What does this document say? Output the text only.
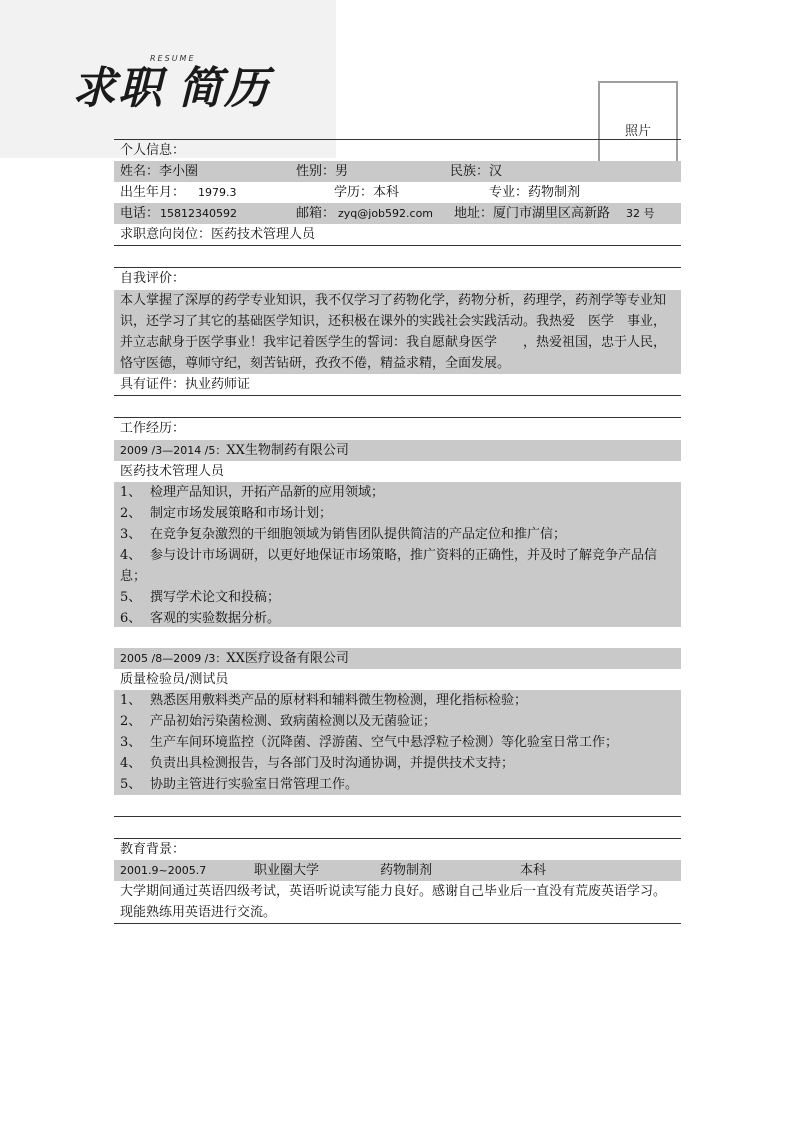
求职 简历
RESUME
照片
个人信息：
姓名：李小圈	性别：男	民族：汉
出生年月： 1979.3	学历：本科	专业：药物制剂
电话： 15812340592	邮箱： zyq@job592.com 地址：厦门市湖里区高新路 32 号
求职意向岗位：医药技术管理人员
自我评价：
本人掌握了深厚的药学专业知识，我不仅学习了药物化学，药物分析，药理学，药剂学等专业知识，还学习了其它的基础医学知识，还积极在课外的实践社会实践活动。我热爱　医学　事业，并立志献身于医学事业！我牢记着医学生的誓词：我自愿献身医学　　，热爱祖国，忠于人民，恪守医德，尊师守纪，刻苦钻研，孜孜不倦，精益求精，全面发展。
具有证件：执业药师证
工作经历：
2009 /3—2014 /5：XX生物制药有限公司
医药技术管理人员
1、 检理产品知识，开拓产品新的应用领域；
2、 制定市场发展策略和市场计划；
3、 在竞争复杂激烈的干细胞领域为销售团队提供简洁的产品定位和推广信；
4、 参与设计市场调研，以更好地保证市场策略，推广资料的正确性，并及时了解竞争产品信息；
5、 撰写学术论文和投稿；
6、 客观的实验数据分析。
2005 /8—2009 /3：XX医疗设备有限公司
质量检验员/测试员
1、 熟悉医用敷料类产品的原材料和辅料微生物检测，理化指标检验；
2、 产品初始污染菌检测、致病菌检测以及无菌验证；
3、 生产车间环境监控（沉降菌、浮游菌、空气中悬浮粒子检测）等化验室日常工作；
4、 负责出具检测报告，与各部门及时沟通协调，并提供技术支持；
5、 协助主管进行实验室日常管理工作。
教育背景：
2001.9~2005.7	职业圈大学	药物制剂	本科
大学期间通过英语四级考试，英语听说读写能力良好。感谢自己毕业后一直没有荒废英语学习。现能熟练用英语进行交流。
